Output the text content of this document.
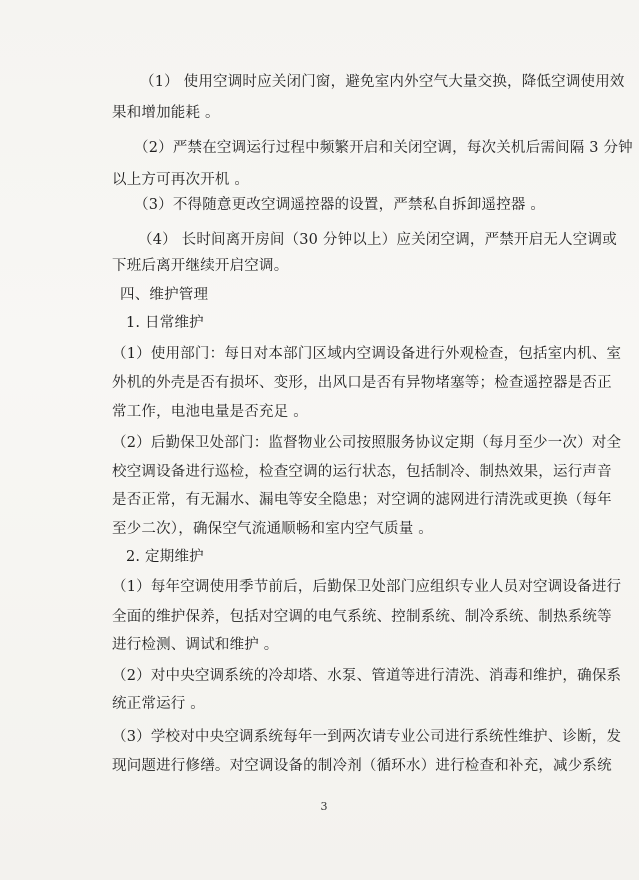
（1） 使用空调时应关闭门窗，避免室内外空气大量交换，降低空调使用效
果和增加能耗 。
（2）严禁在空调运行过程中频繁开启和关闭空调，每次关机后需间隔 3 分钟
以上方可再次开机 。
（3）不得随意更改空调遥控器的设置，严禁私自拆卸遥控器 。
（4） 长时间离开房间（30 分钟以上）应关闭空调，严禁开启无人空调或
下班后离开继续开启空调。
四、维护管理
1. 日常维护
（1）使用部门：每日对本部门区域内空调设备进行外观检查，包括室内机、室
外机的外壳是否有损坏、变形，出风口是否有异物堵塞等；检查遥控器是否正
常工作，电池电量是否充足 。
（2）后勤保卫处部门：监督物业公司按照服务协议定期（每月至少一次）对全
校空调设备进行巡检，检查空调的运行状态，包括制冷、制热效果，运行声音
是否正常，有无漏水、漏电等安全隐患；对空调的滤网进行清洗或更换（每年
至少二次），确保空气流通顺畅和室内空气质量 。
2. 定期维护
（1）每年空调使用季节前后，后勤保卫处部门应组织专业人员对空调设备进行
全面的维护保养，包括对空调的电气系统、控制系统、制冷系统、制热系统等
进行检测、调试和维护 。
（2）对中央空调系统的冷却塔、水泵、管道等进行清洗、消毒和维护，确保系
统正常运行 。
（3）学校对中央空调系统每年一到两次请专业公司进行系统性维护、诊断，发
现问题进行修缮。对空调设备的制冷剂（循环水）进行检查和补充，减少系统
3
